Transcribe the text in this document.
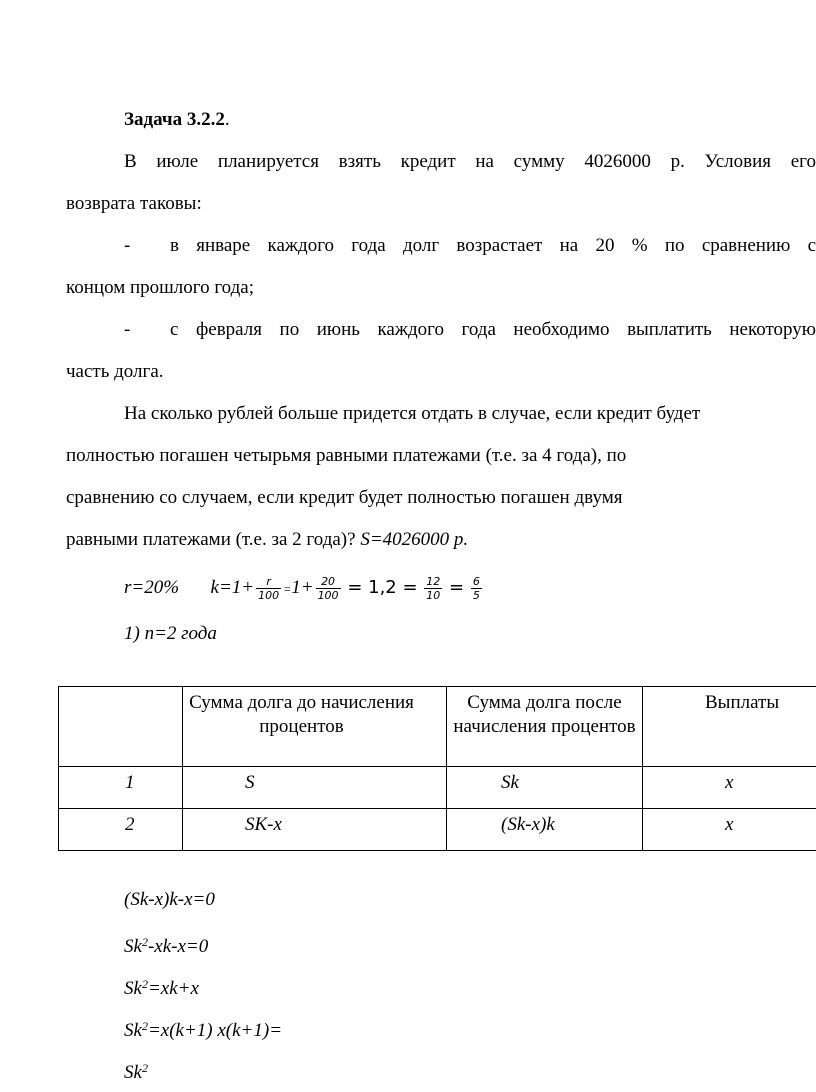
Задача 3.2.2.
В июле планируется взять кредит на сумму 4026000 р. Условия его
возврата таковы:
- в январе каждого года долг возрастает на 20 % по сравнению с
концом прошлого года;
- с февраля по июнь каждого года необходимо выплатить некоторую
часть долга.
На сколько рублей больше придется отдать в случае, если кредит будет
полностью погашен четырьмя равными платежами (т.е. за 4 года), по
сравнению со случаем, если кредит будет полностью погашен двумя
равными платежами (т.е. за 2 года)? S=4026000 р.
r=20% $k=1+ \frac{r}{100} =1+ \frac{20}{100} = 1,2 = \frac{12}{10} = \frac{6}{5}$
1) n=2 года
	Сумма долга до начисления процентов	Сумма долга после начисления процентов	Выплаты
1	S	Sk	x
2	SK-x	(Sk-x)k	x
(Sk-x)k-x=0
$Sk^2-xk-x=0$
$Sk^2=xk+x$
$Sk^2=x(k+1)$ x(k+1)=
$Sk^2$
